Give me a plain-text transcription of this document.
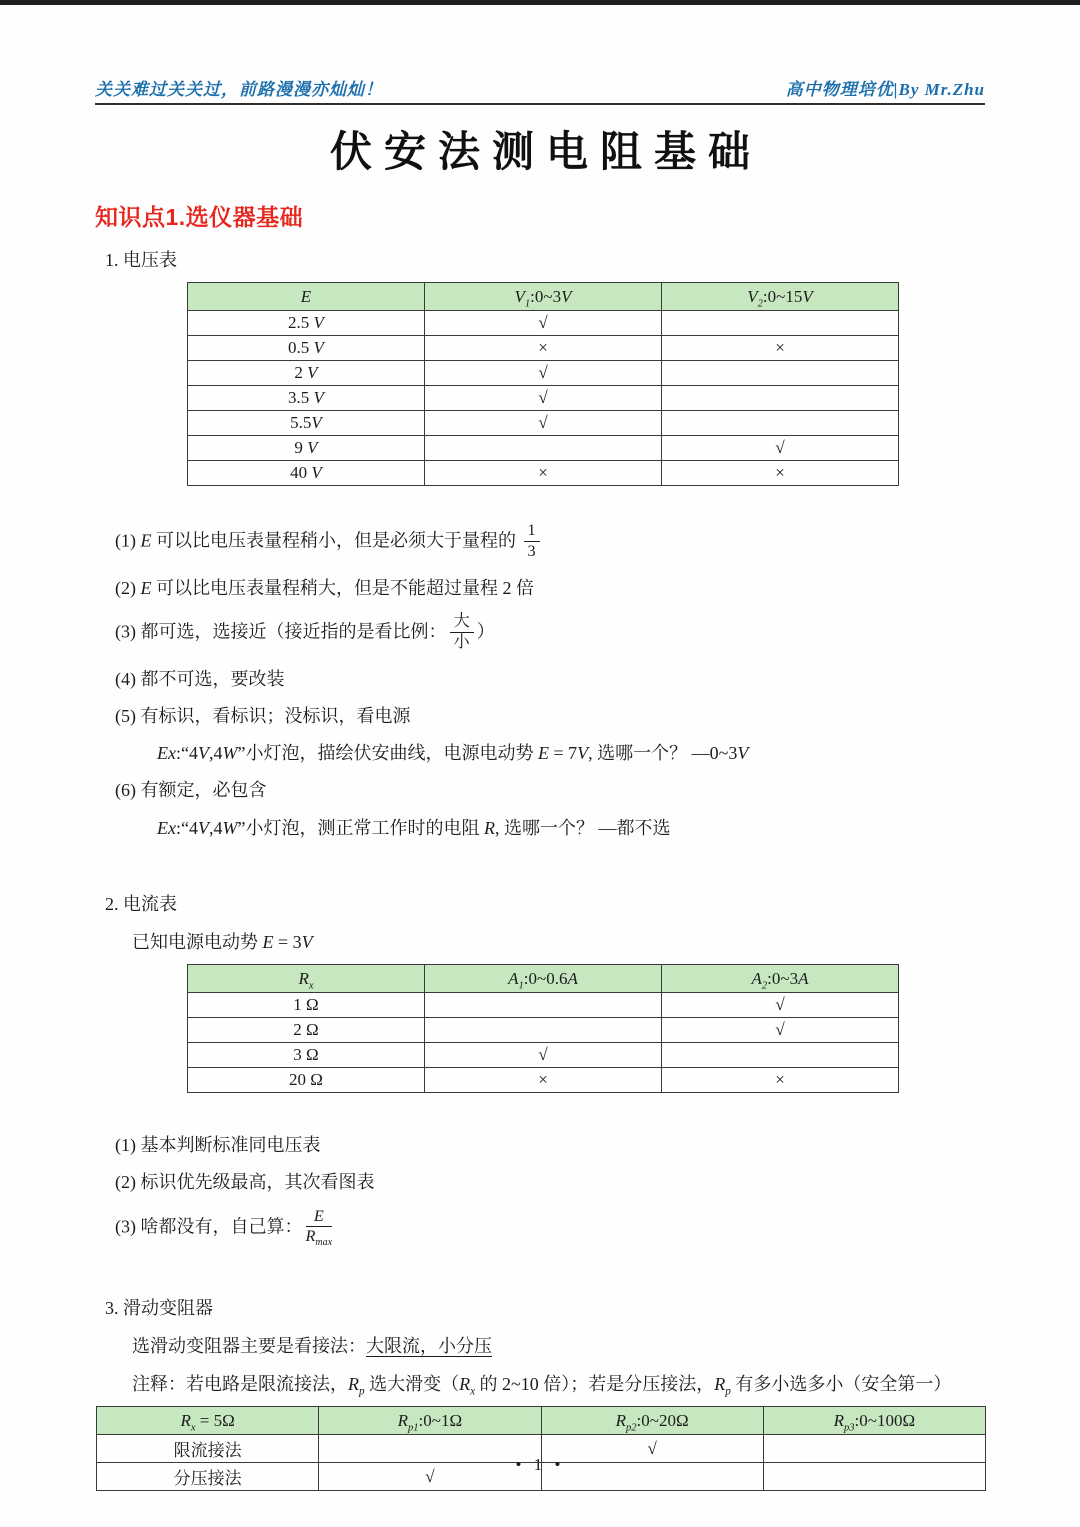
关关难过关关过，前路漫漫亦灿灿！	高中物理培优|By Mr.Zhu
伏安法测电阻基础
知识点1.选仪器基础
1. 电压表
E	$V_1:0\sim 3V$	$V_2:0\sim 15V$
2.5 V	√	
0.5 V	×	×
2 V	√	
3.5 V	√	
5.5V	√	
9 V		√
40 V	×	×
(1) E 可以比电压表量程稍小，但是必须大于量程的 $\frac{1}{3}$
(2) E 可以比电压表量程稍大，但是不能超过量程 2 倍
(3) 都可选，选接近（接近指的是看比例： $\frac{\text{大}}{\text{小}}$ ）
(4) 都不可选，要改装
(5) 有标识，看标识；没标识，看电源
Ex:“4V,4W”小灯泡，描绘伏安曲线，电源电动势 E = 7V, 选哪一个？ —0~3V
(6) 有额定，必包含
Ex:“4V,4W”小灯泡，测正常工作时的电阻 R, 选哪一个？ —都不选
2. 电流表
已知电源电动势 E = 3V
$R_x$	$A_1:0\sim 0.6A$	$A_2:0\sim 3A$
1 Ω		√
2 Ω		√
3 Ω	√	
20 Ω	×	×
(1) 基本判断标准同电压表
(2) 标识优先级最高，其次看图表
(3) 啥都没有，自己算： $\frac{E}{R_{max}}$
3. 滑动变阻器
选滑动变阻器主要是看接法：大限流，小分压
注释：若电路是限流接法，$R_p$ 选大滑变（$R_x$ 的 2~10 倍）；若是分压接法，$R_p$ 有多小选多小（安全第一）
$R_x = 5\Omega$	$R_{p1}:0\sim 1\Omega$	$R_{p2}:0\sim 20\Omega$	$R_{p3}:0\sim 100\Omega$
限流接法		√	
分压接法	√		
• 1 •
